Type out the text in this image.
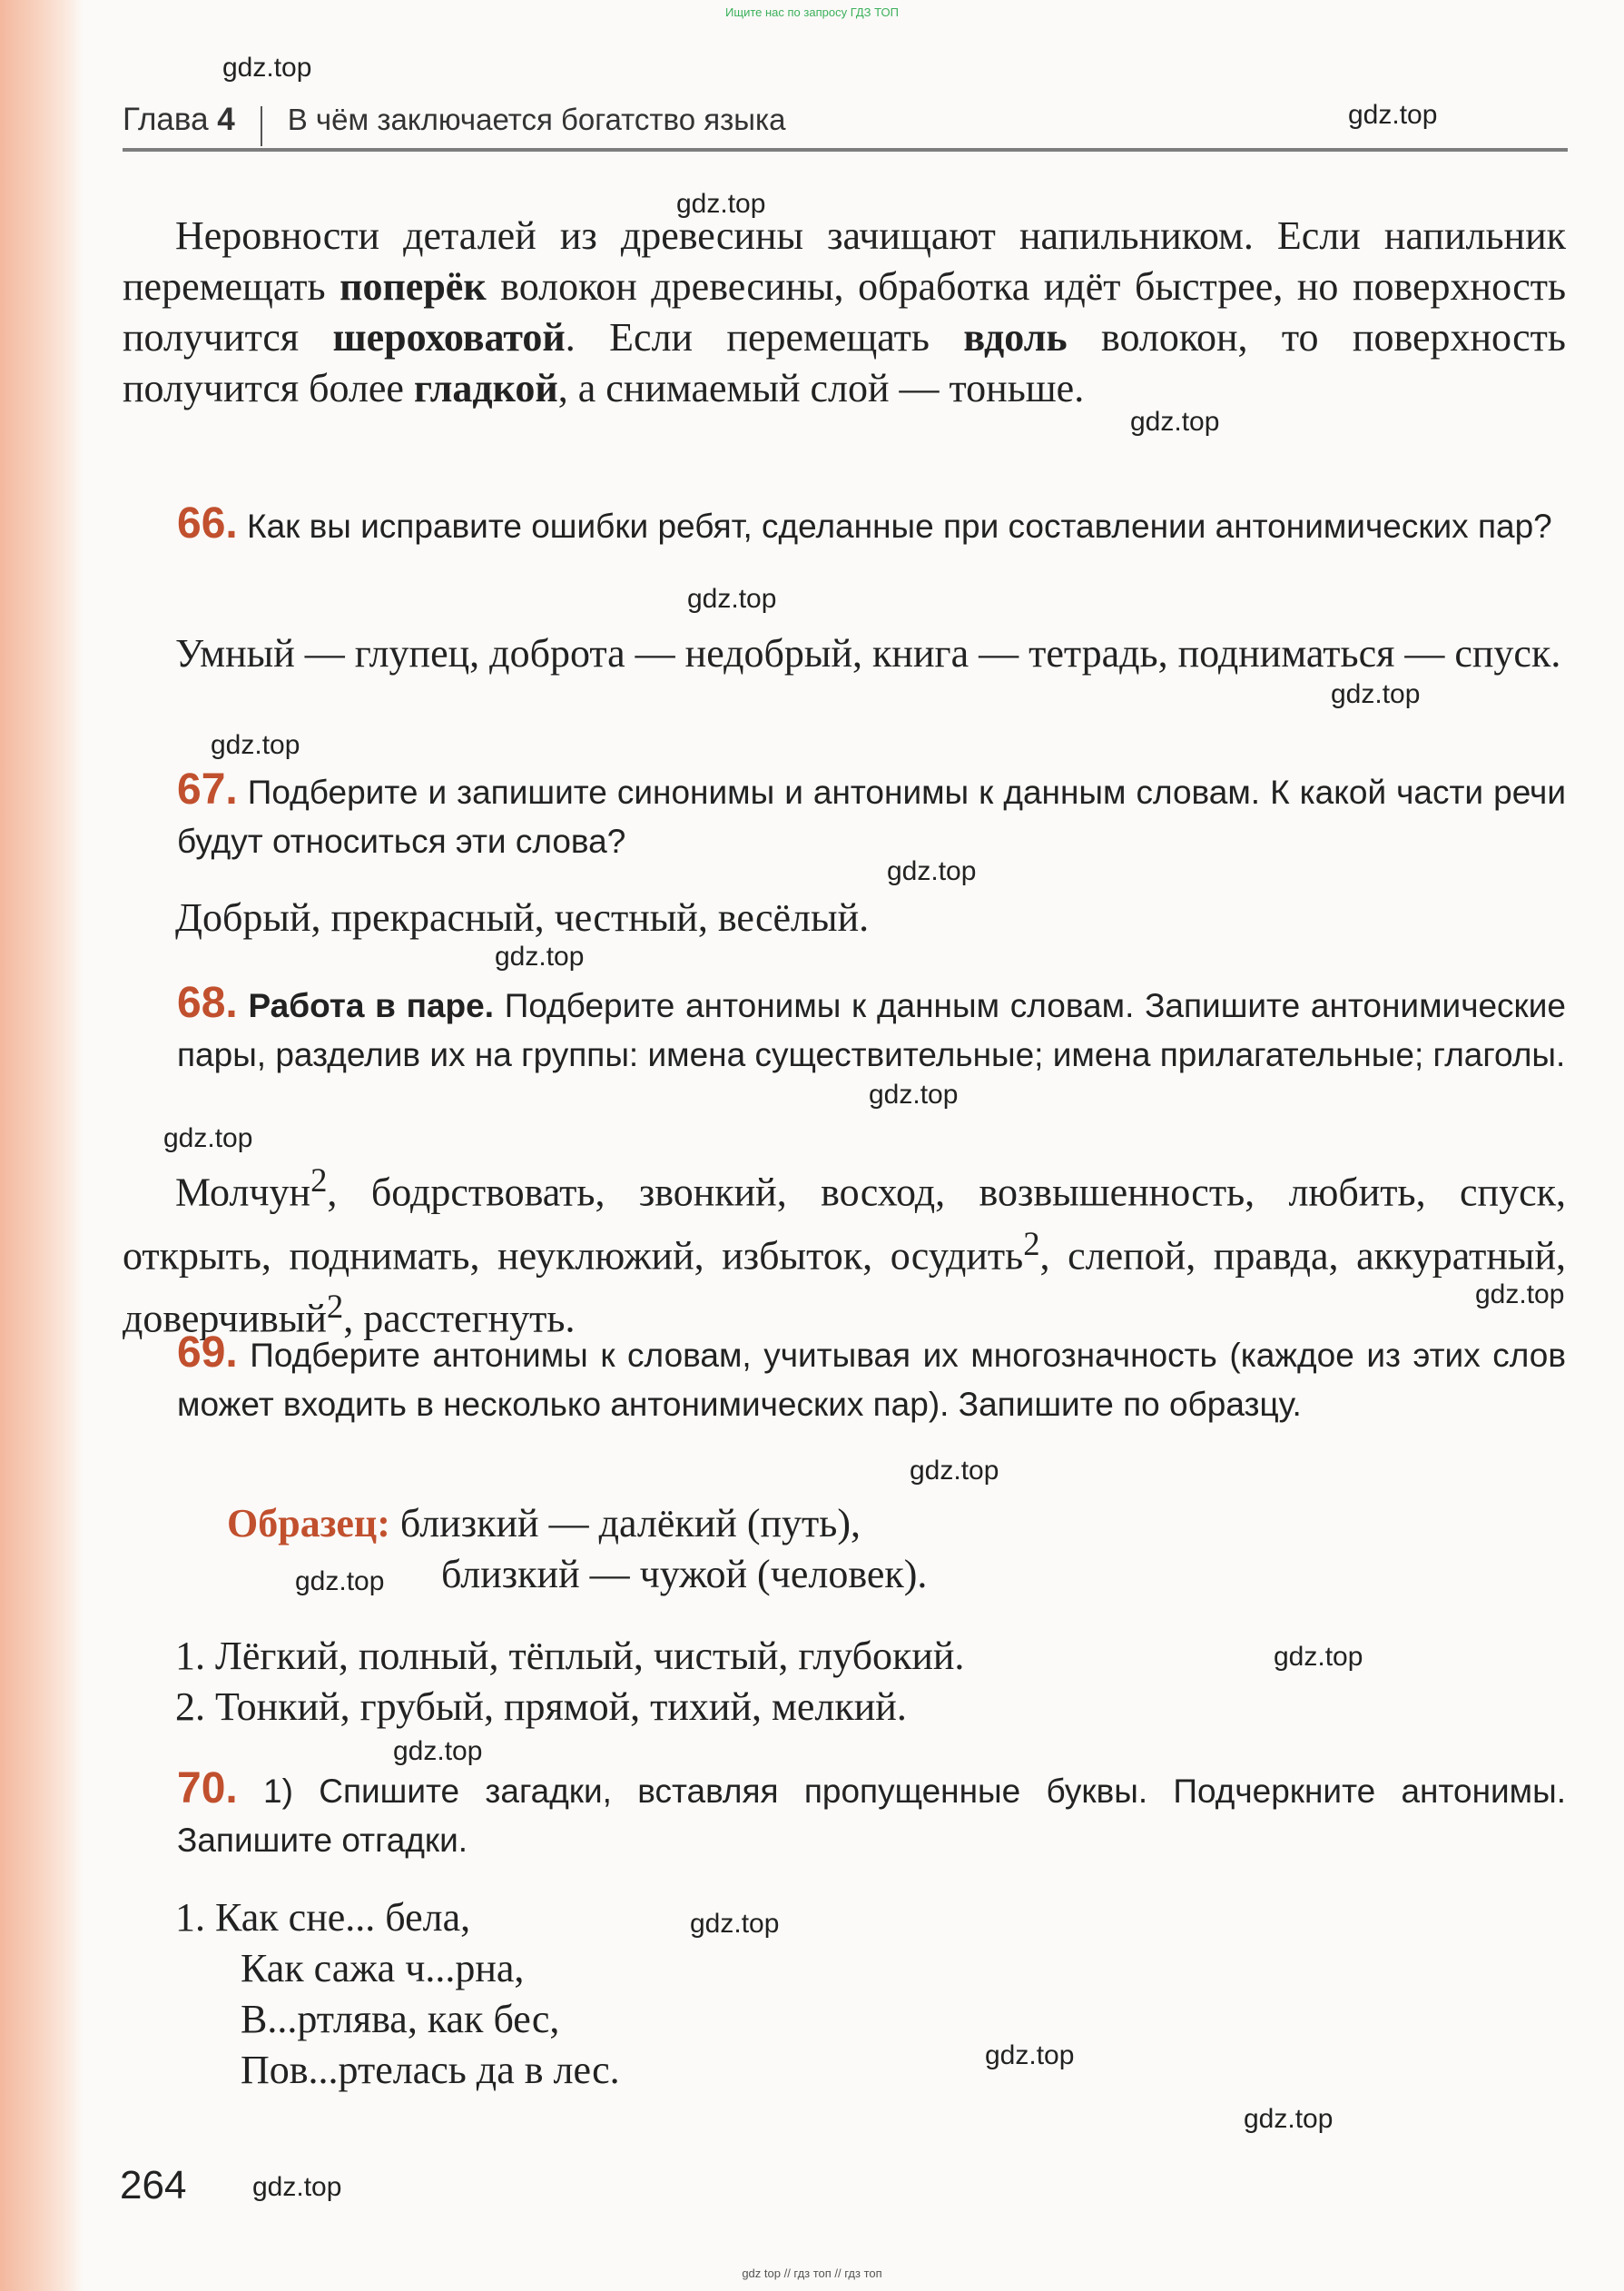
Ищите нас по запросу ГДЗ ТОП
Глава 4 В чём заключается богатство языка

Неровности деталей из древесины зачищают напильником. Если напильник перемещать поперёк волокон древесины, обработка идёт быстрее, но поверхность получится шероховатой. Если перемещать вдоль волокон, то поверхность получится более гладкой, а снимаемый слой — тоньше.

66. Как вы исправите ошибки ребят, сделанные при составлении антонимических пар?

Умный — глупец, доброта — недобрый, книга — тетрадь, подниматься — спуск.

67. Подберите и запишите синонимы и антонимы к данным словам. К какой части речи будут относиться эти слова?

Добрый, прекрасный, честный, весёлый.

68. Работа в паре. Подберите антонимы к данным словам. Запишите антонимические пары, разделив их на группы: имена существительные; имена прилагательные; глаголы.

Молчун$^2$, бодрствовать, звонкий, восход, возвышенность, любить, спуск, открыть, поднимать, неуклюжий, избыток, осудить$^2$, слепой, правда, аккуратный, доверчивый$^2$, расстегнуть.

69. Подберите антонимы к словам, учитывая их многозначность (каждое из этих слов может входить в несколько антонимических пар). Запишите по образцу.

Образец: близкий — далёкий (путь),
близкий — чужой (человек).
1. Лёгкий, полный, тёплый, чистый, глубокий.
2. Тонкий, грубый, прямой, тихий, мелкий.

70. 1) Спишите загадки, вставляя пропущенные буквы. Подчеркните антонимы. Запишите отгадки.

1. Как сне... бела,
Как сажа ч...рна,
В...ртлява, как бес,
Пов...ртелась да в лес.
264
gdz top // гдз топ // гдз топ
gdz.top
gdz.top
gdz.top
gdz.top
gdz.top
gdz.top
gdz.top
gdz.top
gdz.top
gdz.top
gdz.top
gdz.top
gdz.top
gdz.top
gdz.top
gdz.top
gdz.top
gdz.top
gdz.top
gdz.top
